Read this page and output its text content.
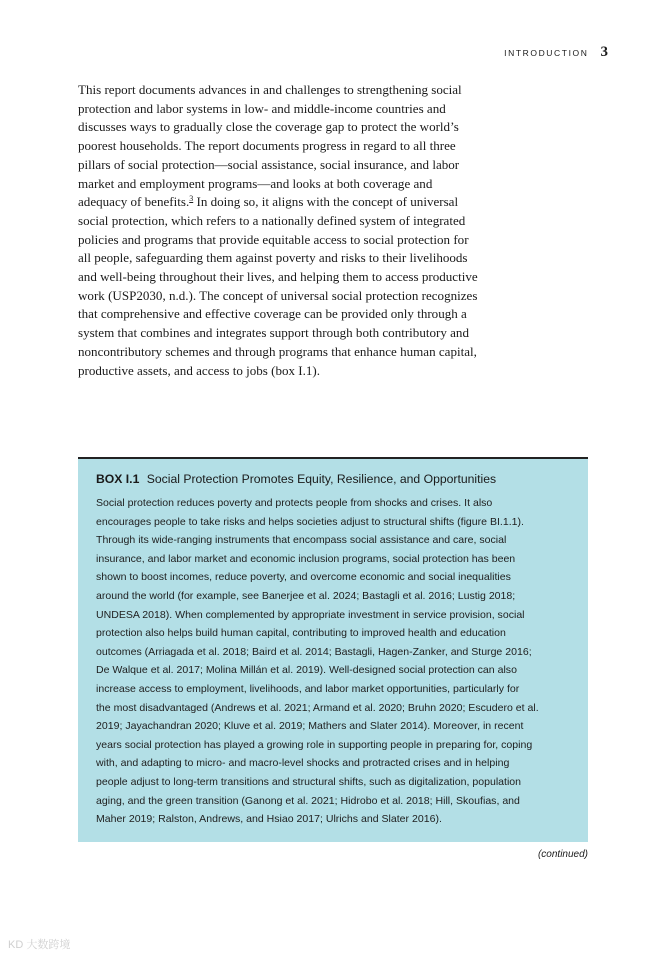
INTRODUCTION 3

This report documents advances in and challenges to strengthening social
protection and labor systems in low- and middle-income countries and
discusses ways to gradually close the coverage gap to protect the world’s
poorest households. The report documents progress in regard to all three
pillars of social protection—social assistance, social insurance, and labor
market and employment programs—and looks at both coverage and
adequacy of benefits.$^3$ In doing so, it aligns with the concept of universal
social protection, which refers to a nationally defined system of integrated
policies and programs that provide equitable access to social protection for
all people, safeguarding them against poverty and risks to their livelihoods
and well-being throughout their lives, and helping them to access productive
work (USP2030, n.d.). The concept of universal social protection recognizes
that comprehensive and effective coverage can be provided only through a
system that combines and integrates support through both contributory and
noncontributory schemes and through programs that enhance human capital,
productive assets, and access to jobs (box I.1).

BOX I.1 Social Protection Promotes Equity, Resilience, and Opportunities

Social protection reduces poverty and protects people from shocks and crises. It also
encourages people to take risks and helps societies adjust to structural shifts (figure BI.1.1).
Through its wide-ranging instruments that encompass social assistance and care, social
insurance, and labor market and economic inclusion programs, social protection has been
shown to boost incomes, reduce poverty, and overcome economic and social inequalities
around the world (for example, see Banerjee et al. 2024; Bastagli et al. 2016; Lustig 2018;
UNDESA 2018). When complemented by appropriate investment in service provision, social
protection also helps build human capital, contributing to improved health and education
outcomes (Arriagada et al. 2018; Baird et al. 2014; Bastagli, Hagen-Zanker, and Sturge 2016;
De Walque et al. 2017; Molina Millán et al. 2019). Well-designed social protection can also
increase access to employment, livelihoods, and labor market opportunities, particularly for
the most disadvantaged (Andrews et al. 2021; Armand et al. 2020; Bruhn 2020; Escudero et al.
2019; Jayachandran 2020; Kluve et al. 2019; Mathers and Slater 2014). Moreover, in recent
years social protection has played a growing role in supporting people in preparing for, coping
with, and adapting to micro- and macro-level shocks and protracted crises and in helping
people adjust to long-term transitions and structural shifts, such as digitalization, population
aging, and the green transition (Ganong et al. 2021; Hidrobo et al. 2018; Hill, Skoufias, and
Maher 2019; Ralston, Andrews, and Hsiao 2017; Ulrichs and Slater 2016).

(continued)
KD 大数跨境
